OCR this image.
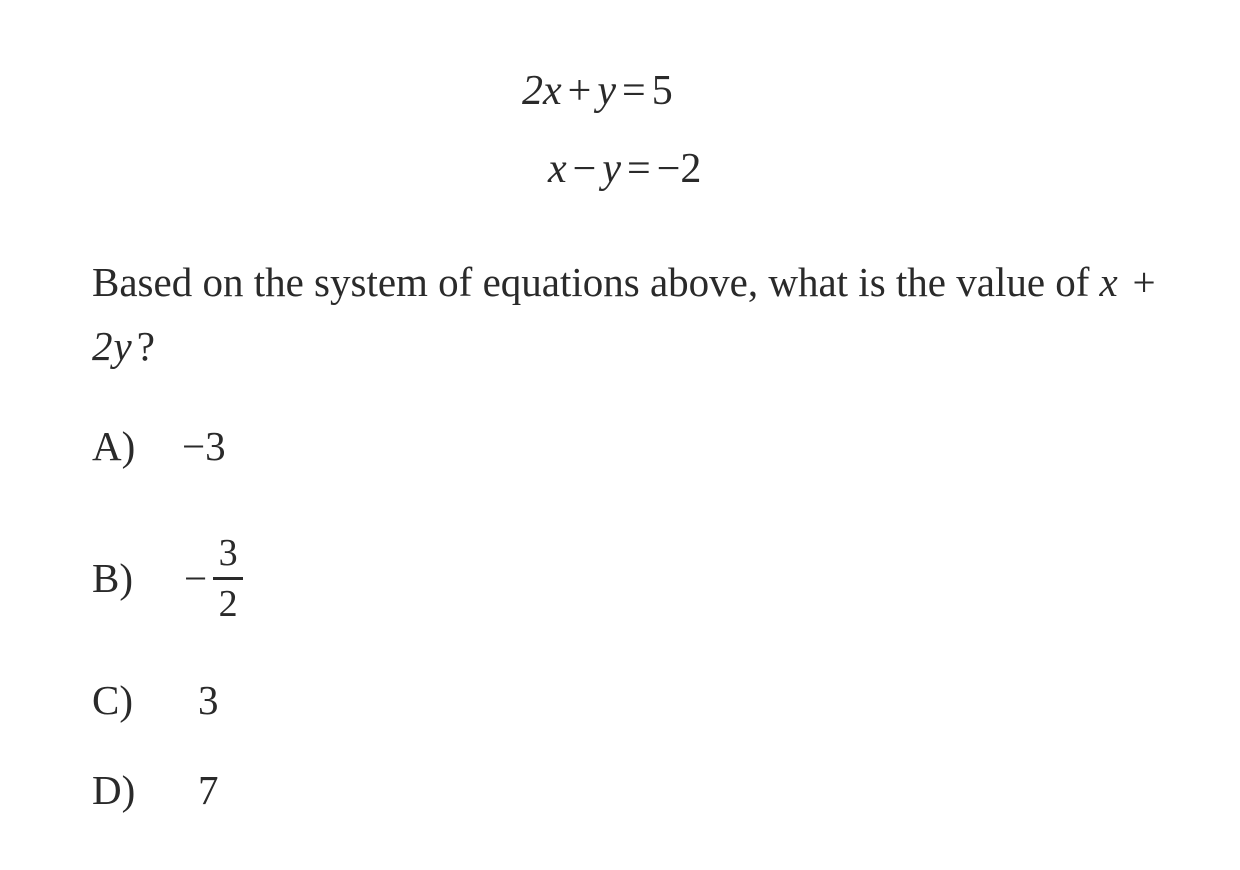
2x + y = 5
x − y = −2
Based on the system of equations above, what is the value of x + 2y?
A) −3
B)	− $\frac{3}{2}$
C) 3
D) 7
